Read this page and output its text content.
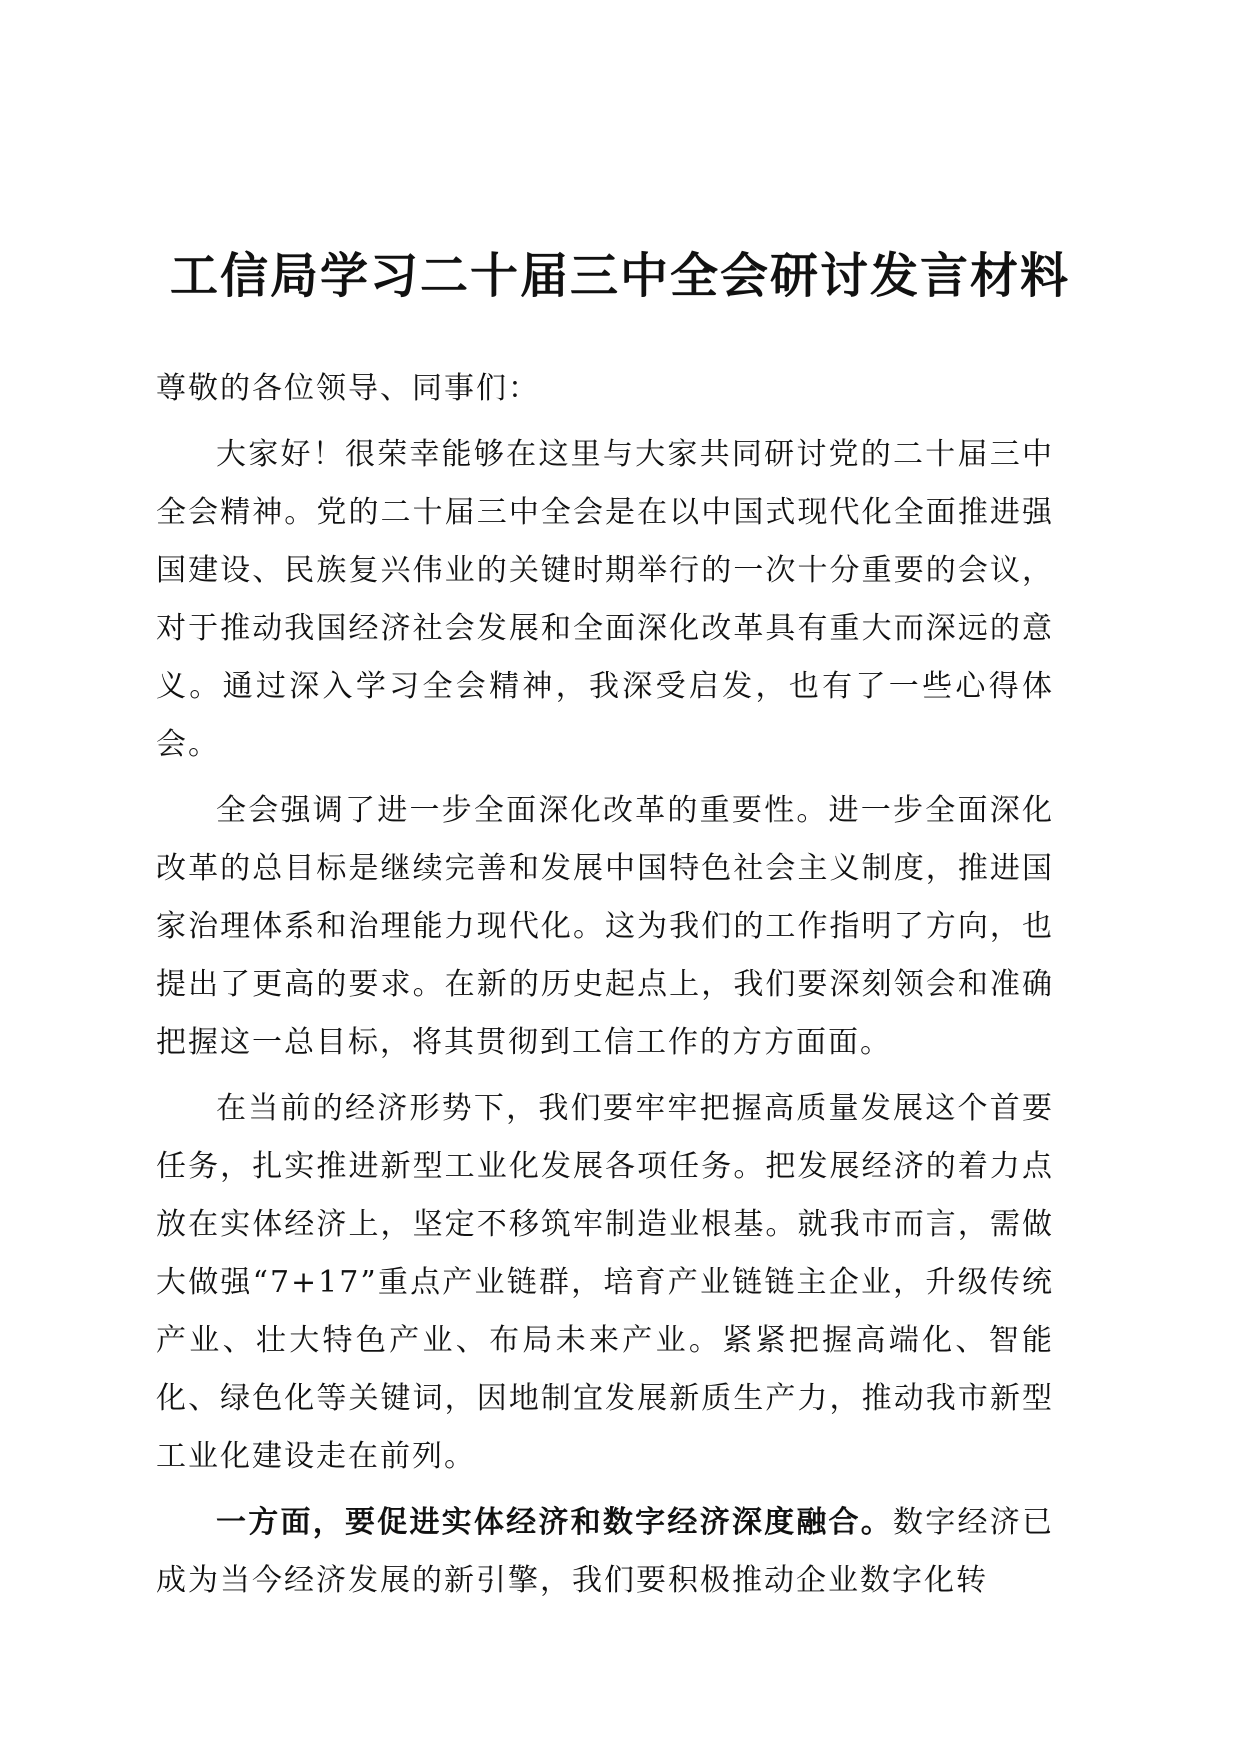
工信局学习二十届三中全会研讨发言材料

尊敬的各位领导、同事们：

大家好！很荣幸能够在这里与大家共同研讨党的二十届三中全会精神。党的二十届三中全会是在以中国式现代化全面推进强国建设、民族复兴伟业的关键时期举行的一次十分重要的会议，对于推动我国经济社会发展和全面深化改革具有重大而深远的意义。通过深入学习全会精神，我深受启发，也有了一些心得体会。

全会强调了进一步全面深化改革的重要性。进一步全面深化改革的总目标是继续完善和发展中国特色社会主义制度，推进国家治理体系和治理能力现代化。这为我们的工作指明了方向，也提出了更高的要求。在新的历史起点上，我们要深刻领会和准确把握这一总目标，将其贯彻到工信工作的方方面面。

在当前的经济形势下，我们要牢牢把握高质量发展这个首要任务，扎实推进新型工业化发展各项任务。把发展经济的着力点放在实体经济上，坚定不移筑牢制造业根基。就我市而言，需做大做强“7+17”重点产业链群，培育产业链链主企业，升级传统产业、壮大特色产业、布局未来产业。紧紧把握高端化、智能化、绿色化等关键词，因地制宜发展新质生产力，推动我市新型工业化建设走在前列。

一方面，要促进实体经济和数字经济深度融合。数字经济已成为当今经济发展的新引擎，我们要积极推动企业数字化转
